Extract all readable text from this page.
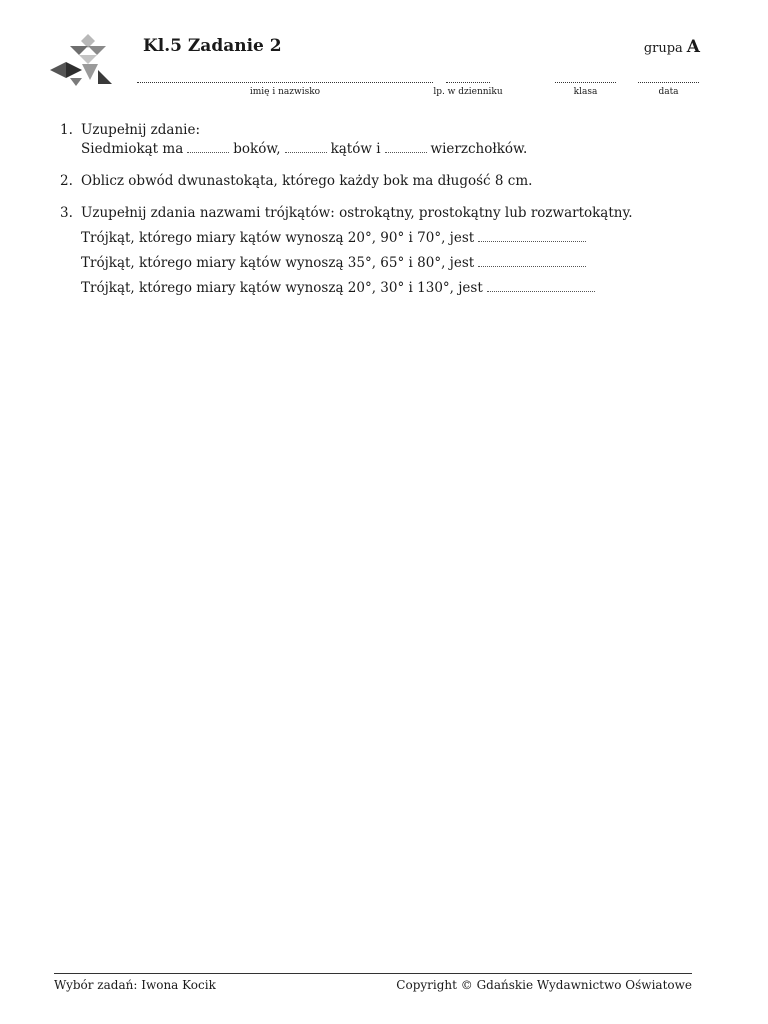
Kl.5 Zadanie 2	grupa A
imię i nazwisko	lp. w dzienniku	klasa	data
1. Uzupełnij zdanie:
Siedmiokąt ma	boków,	kątów i	wierzchołków.
2. Oblicz obwód dwunastokąta, którego każdy bok ma długość 8 cm.
3. Uzupełnij zdania nazwami trójkątów: ostrokątny, prostokątny lub rozwartokątny.
Trójkąt, którego miary kątów wynoszą 20°, 90° i 70°, jest
Trójkąt, którego miary kątów wynoszą 35°, 65° i 80°, jest
Trójkąt, którego miary kątów wynoszą 20°, 30° i 130°, jest
Wybór zadań: Iwona Kocik	Copyright © Gdańskie Wydawnictwo Oświatowe
